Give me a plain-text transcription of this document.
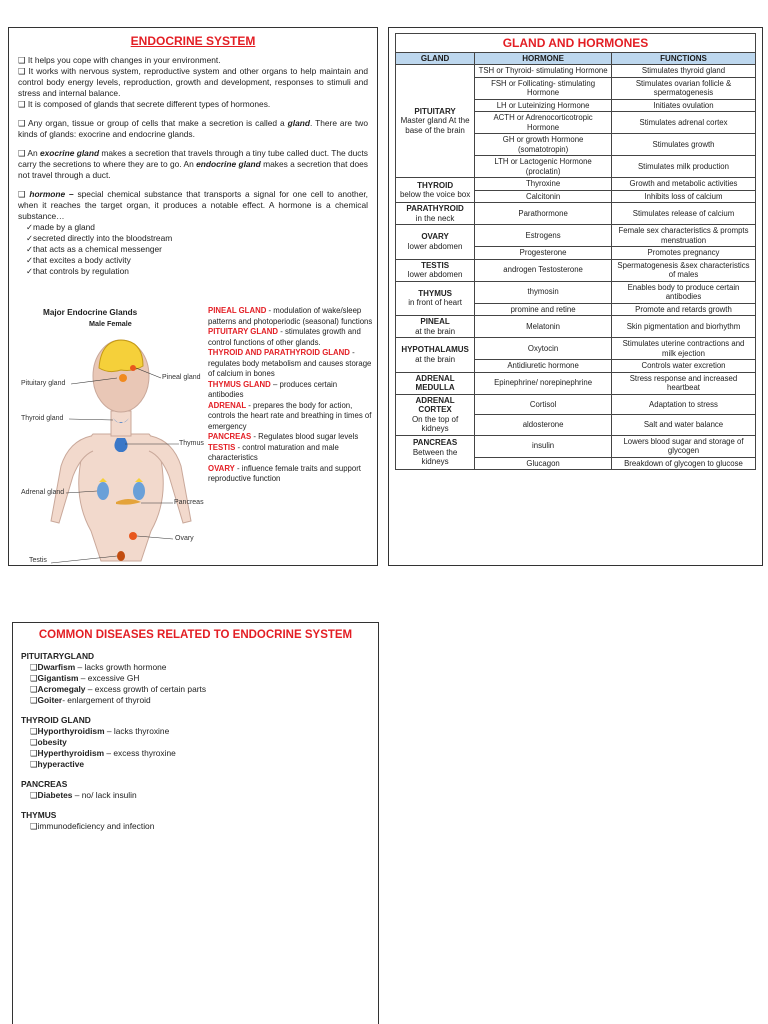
ENDOCRINE SYSTEM

❑ It helps you cope with changes in your environment.

❑ It works with nervous system, reproductive system and other organs to help maintain and control body energy levels, reproduction, growth and development, responses to stimuli and stress and internal balance.

❑ It is composed of glands that secrete different types of hormones.

❑ Any organ, tissue or group of cells that make a secretion is called a gland. There are two kinds of glands: exocrine and endocrine glands.

❑ An exocrine gland makes a secretion that travels through a tiny tube called duct. The ducts carry the secretions to where they are to go. An endocrine gland makes a secretion that does not travel through a duct.

❑ hormone – special chemical substance that transports a signal for one cell to another, when it reaches the target organ, it produces a notable effect. A hormone is a chemical substance…

✓ made by a gland
✓ secreted directly into the bloodstream
✓ that acts as a chemical messenger
✓ that excites a body activity
✓ that controls by regulation
Major Endocrine Glands
Male Female
Pituitary gland
Pineal gland
Thyroid gland
Thymus
Adrenal gland
Pancreas
Ovary
Testis

PINEAL GLAND - modulation of wake/sleep patterns and photoperiodic (seasonal) functions

PITUITARY GLAND - stimulates growth and control functions of other glands.

THYROID AND PARATHYROID GLAND - regulates body metabolism and causes storage of calcium in bones

THYMUS GLAND – produces certain antibodies

ADRENAL - prepares the body for action, controls the heart rate and breathing in times of emergency

PANCREAS - Regulates blood sugar levels

TESTIS - control maturation and male characteristics

OVARY - influence female traits and support reproductive function

GLAND AND HORMONES
GLAND	HORMONE	FUNCTIONS

PITUITARY
Master gland At the base of the brain	TSH or Thyroid- stimulating Hormone	Stimulates thyroid gland
	FSH or Follicating- stimulating Hormone	Stimulates ovarian follicle & spermatogenesis
	LH or Luteinizing Hormone	Initiates ovulation
	ACTH or Adrenocorticotropic Hormone	Stimulates adrenal cortex
	GH or growth Hormone (somatotropin)	Stimulates growth
	LTH or Lactogenic Hormone (proclatin)	Stimulates milk production

THYROID
below the voice box	Thyroxine	Growth and metabolic activities
	Calcitonin	Inhibits loss of calcium

PARATHYROID
in the neck	Parathormone	Stimulates release of calcium

OVARY
lower abdomen	Estrogens	Female sex characteristics & prompts menstruation
	Progesterone	Promotes pregnancy

TESTIS
lower abdomen	androgen Testosterone	Spermatogenesis &sex characteristics of males

THYMUS
in front of heart	thymosin	Enables body to produce certain antibodies
	promine and retine	Promote and retards growth

PINEAL
at the brain	Melatonin	Skin pigmentation and biorhythm

HYPOTHALAMUS
at the brain	Oxytocin	Stimulates uterine contractions and milk ejection
	Antidiuretic hormone	Controls water excretion

ADRENAL MEDULLA	Epinephrine/ norepinephrine	Stress response and increased heartbeat

ADRENAL CORTEX
On the top of kidneys	Cortisol	Adaptation to stress
	aldosterone	Salt and water balance

PANCREAS
Between the kidneys	insulin	Lowers blood sugar and storage of glycogen
	Glucagon	Breakdown of glycogen to glucose
COMMON DISEASES RELATED TO ENDOCRINE SYSTEM
PITUITARYGLAND
❑ Dwarfism – lacks growth hormone
❑ Gigantism – excessive GH
❑ Acromegaly – excess growth of certain parts
❑ Goiter- enlargement of thyroid
THYROID GLAND
❑ Hyporthyroidism – lacks thyroxine
❑ obesity
❑ Hyperthyroidism – excess thyroxine
❑ hyperactive
PANCREAS
❑ Diabetes – no/ lack insulin
THYMUS
❑ immunodeficiency and infection
